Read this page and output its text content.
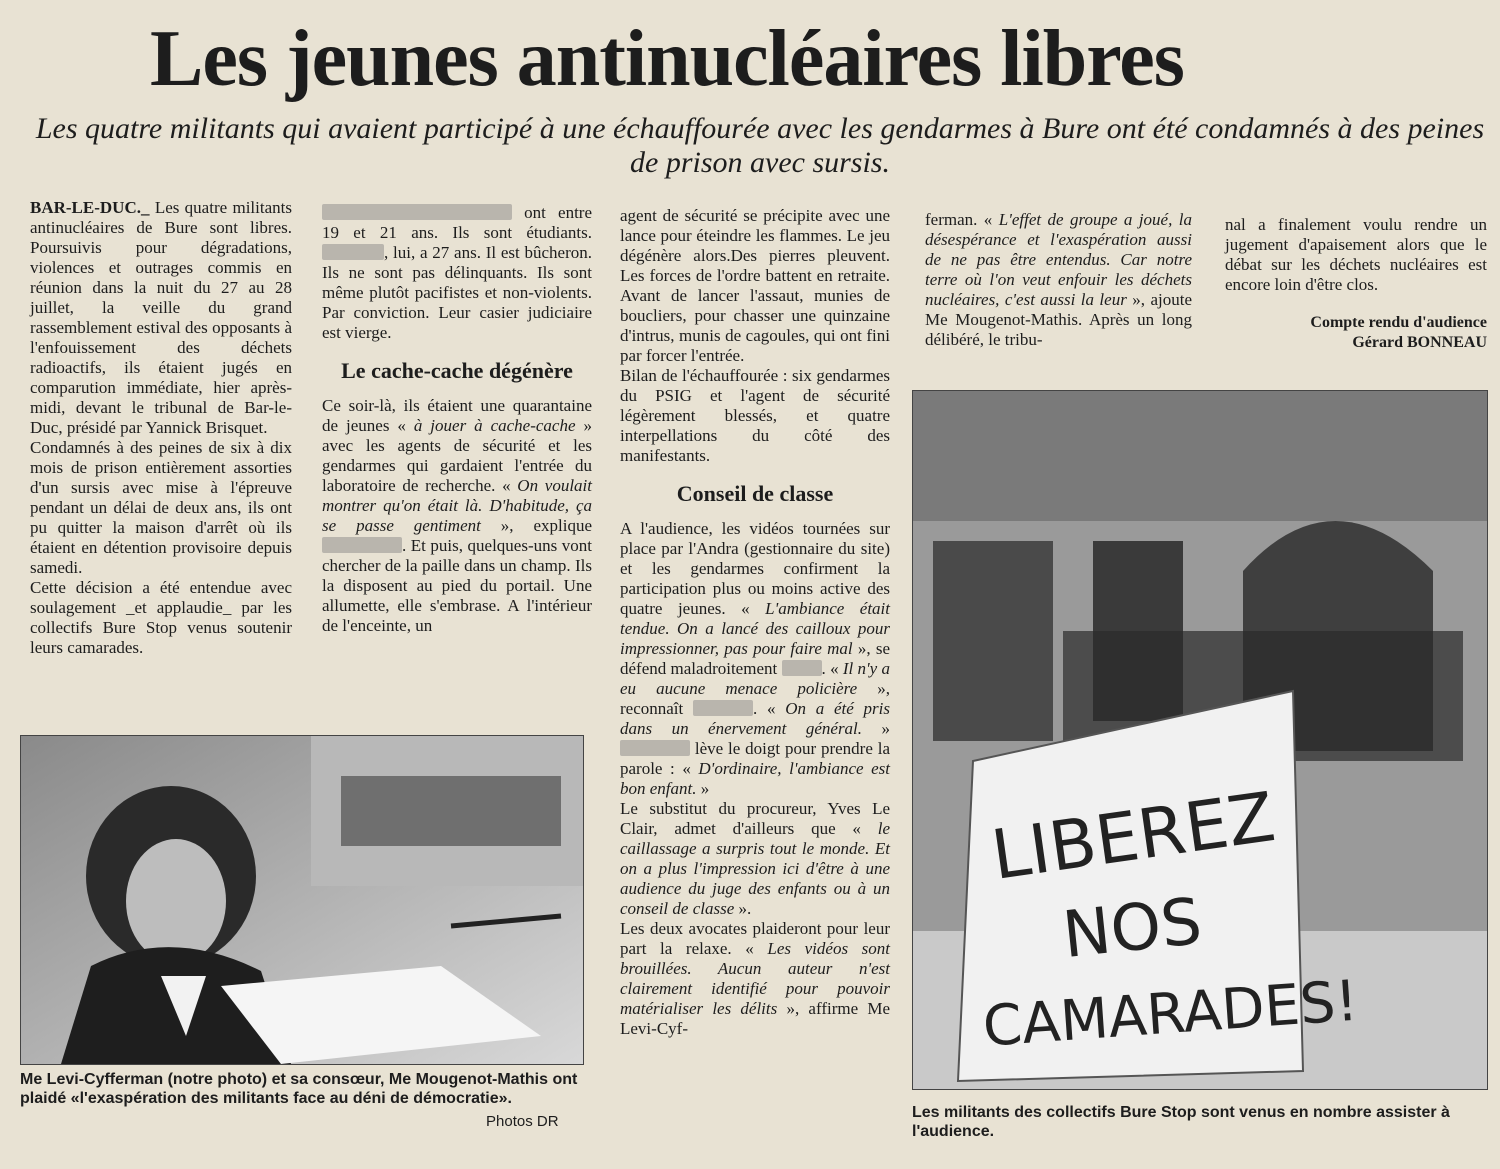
Les jeunes antinucléaires libres

Les quatre militants qui avaient participé à une échauffourée avec les gendarmes à Bure ont été condamnés à des peines de prison avec sursis.

BAR-LE-DUC._ Les quatre militants antinucléaires de Bure sont libres. Poursuivis pour dégradations, violences et outrages commis en réunion dans la nuit du 27 au 28 juillet, la veille du grand rassemblement estival des opposants à l'enfouissement des déchets radioactifs, ils étaient jugés en comparution immédiate, hier après-midi, devant le tribunal de Bar-le-Duc, présidé par Yannick Brisquet.

Condamnés à des peines de six à dix mois de prison entièrement assorties d'un sursis avec mise à l'épreuve pendant un délai de deux ans, ils ont pu quitter la maison d'arrêt où ils étaient en détention provisoire depuis samedi.

Cette décision a été entendue avec soulagement _et applaudie_ par les collectifs Bure Stop venus soutenir leurs camarades.

ont entre 19 et 21 ans. Ils sont étudiants. , lui, a 27 ans. Il est bûcheron. Ils ne sont pas délinquants. Ils sont même plutôt pacifistes et non-violents. Par conviction. Leur casier judiciaire est vierge.

Le cache-cache dégénère

Ce soir-là, ils étaient une quarantaine de jeunes « à jouer à cache-cache » avec les agents de sécurité et les gendarmes qui gardaient l'entrée du laboratoire de recherche. « On voulait montrer qu'on était là. D'habitude, ça se passe gentiment », explique . Et puis, quelques-uns vont chercher de la paille dans un champ. Ils la disposent au pied du portail. Une allumette, elle s'embrase. A l'intérieur de l'enceinte, un

agent de sécurité se précipite avec une lance pour éteindre les flammes. Le jeu dégénère alors.Des pierres pleuvent. Les forces de l'ordre battent en retraite. Avant de lancer l'assaut, munies de boucliers, pour chasser une quinzaine d'intrus, munis de cagoules, qui ont fini par forcer l'entrée.

Bilan de l'échauffourée : six gendarmes du PSIG et l'agent de sécurité légèrement blessés, et quatre interpellations du côté des manifestants.

Conseil de classe

A l'audience, les vidéos tournées sur place par l'Andra (gestionnaire du site) et les gendarmes confirment la participation plus ou moins active des quatre jeunes. « L'ambiance était tendue. On a lancé des cailloux pour impressionner, pas pour faire mal », se défend maladroitement	. « Il n'y a eu aucune menace policière », reconnaît	. « On a été pris dans un énervement général. »  lève le doigt pour prendre la parole : « D'ordinaire, l'ambiance est bon enfant. »

Le substitut du procureur, Yves Le Clair, admet d'ailleurs que « le caillassage a surpris tout le monde. Et on a plus l'impression ici d'être à une audience du juge des enfants ou à un conseil de classe ».

Les deux avocates plaideront pour leur part la relaxe. « Les vidéos sont brouillées. Aucun auteur n'est clairement identifié pour pouvoir matérialiser les délits », affirme Me Levi-Cyf-

ferman. « L'effet de groupe a joué, la désespérance et l'exaspération aussi de ne pas être entendus. Car notre terre où l'on veut enfouir les déchets nucléaires, c'est aussi la leur », ajoute Me Mougenot-Mathis. Après un long délibéré, le tribu-

nal a finalement voulu rendre un jugement d'apaisement alors que le débat sur les déchets nucléaires est encore loin d'être clos.

Compte rendu d'audience
Gérard BONNEAU
Me Levi-Cyfferman (notre photo) et sa consœur, Me Mougenot-Mathis ont plaidé «l'exaspération des militants face au déni de démocratie».
Photos DR
LIBEREZ
NOS
CAMARADES!
Les militants des collectifs Bure Stop sont venus en nombre assister à l'audience.
